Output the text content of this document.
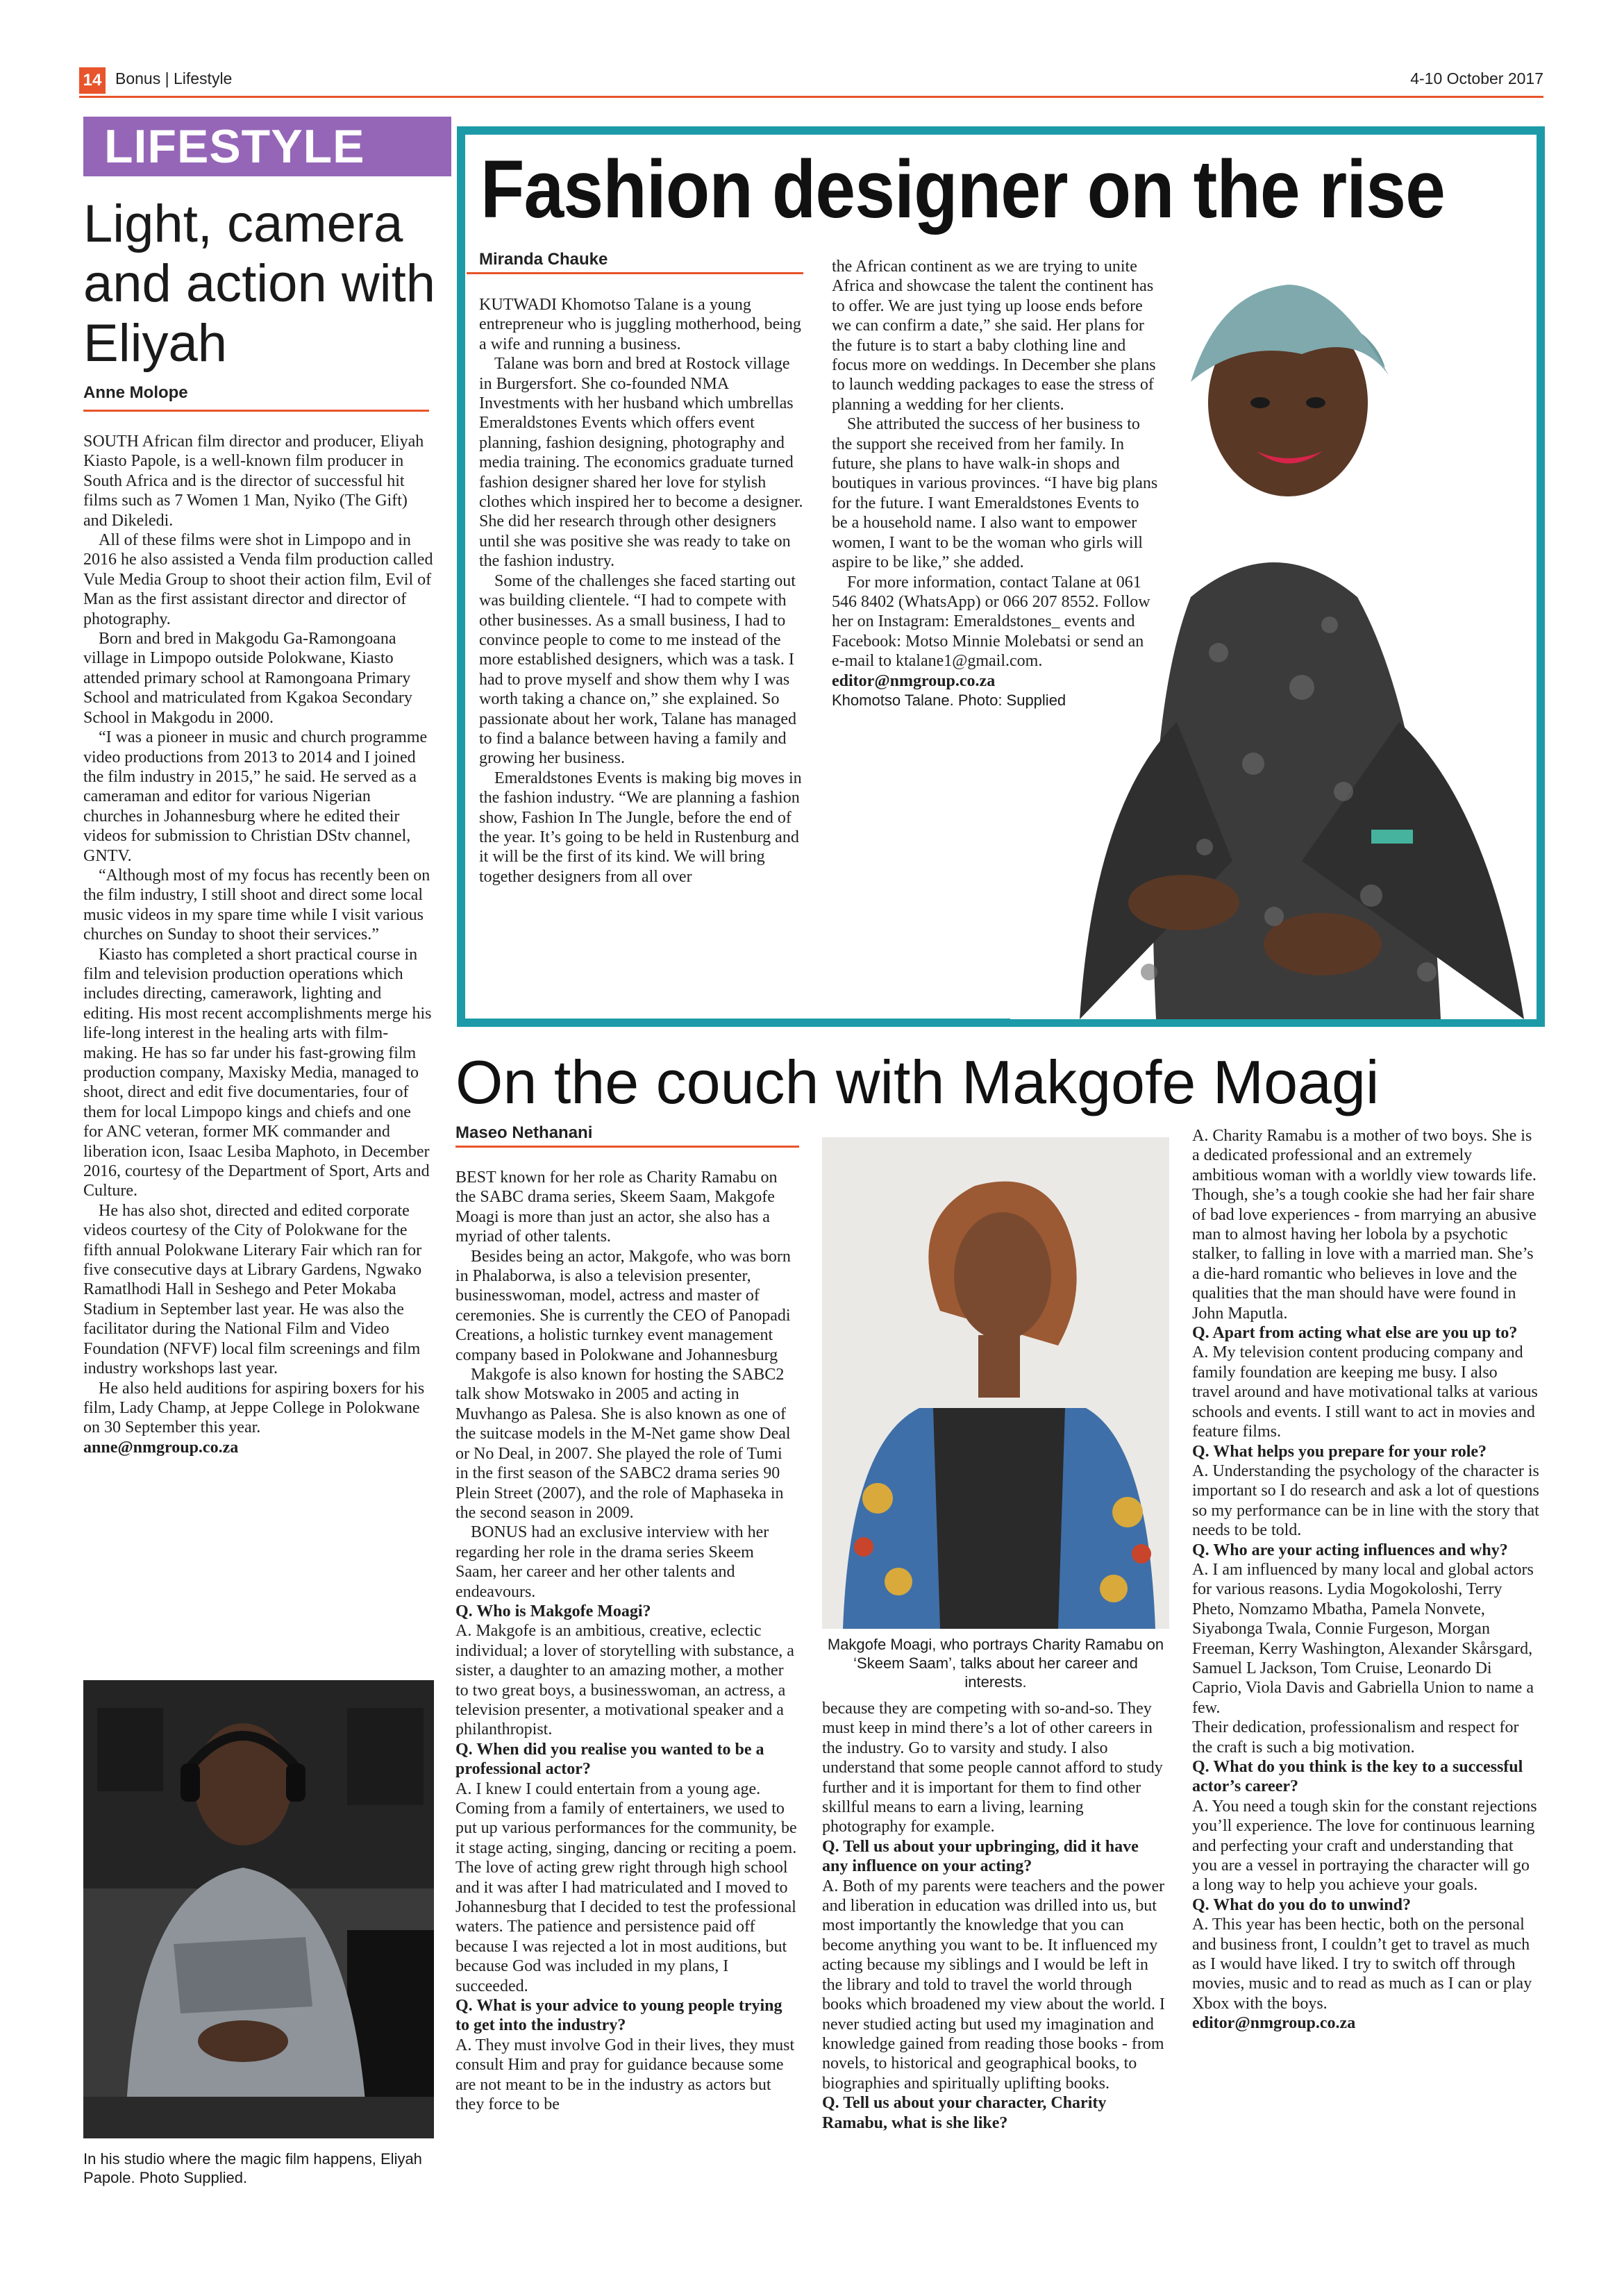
14 Bonus | Lifestyle	4-10 October 2017
LIFESTYLE
Light, camera and action with Eliyah
Anne Molope

SOUTH African film director and producer, Eliyah Kiasto Papole, is a well-known film producer in South Africa and is the director of successful hit films such as 7 Women 1 Man, Nyiko (The Gift) and Dikeledi.

All of these films were shot in Limpopo and in 2016 he also assisted a Venda film production called Vule Media Group to shoot their action film, Evil of Man as the first assistant director and director of photography.

Born and bred in Makgodu Ga-Ramongoana village in Limpopo outside Polokwane, Kiasto attended primary school at Ramongoana Primary School and matriculated from Kgakoa Secondary School in Makgodu in 2000.

“I was a pioneer in music and church programme video productions from 2013 to 2014 and I joined the film industry in 2015,” he said. He served as a cameraman and editor for various Nigerian churches in Johannesburg where he edited their videos for submission to Christian DStv channel, GNTV.

“Although most of my focus has recently been on the film industry, I still shoot and direct some local music videos in my spare time while I visit various churches on Sunday to shoot their services.”

Kiasto has completed a short practical course in film and television production operations which includes directing, camerawork, lighting and editing. His most recent accomplishments merge his life-long interest in the healing arts with film-making. He has so far under his fast-growing film production company, Maxisky Media, managed to shoot, direct and edit five documentaries, four of them for local Limpopo kings and chiefs and one for ANC veteran, former MK commander and liberation icon, Isaac Lesiba Maphoto, in December 2016, courtesy of the Department of Sport, Arts and Culture.

He has also shot, directed and edited corporate videos courtesy of the City of Polokwane for the fifth annual Polokwane Literary Fair which ran for five consecutive days at Library Gardens, Ngwako Ramatlhodi Hall in Seshego and Peter Mokaba Stadium in September last year. He was also the facilitator during the National Film and Video Foundation (NFVF) local film screenings and film industry workshops last year.

He also held auditions for aspiring boxers for his film, Lady Champ, at Jeppe College in Polokwane on 30 September this year.

anne@nmgroup.co.za

In his studio where the magic film happens, Eliyah Papole. Photo Supplied.
Fashion designer on the rise
Miranda Chauke

KUTWADI Khomotso Talane is a young entrepreneur who is juggling motherhood, being a wife and running a business.

Talane was born and bred at Rostock village in Burgersfort. She co-founded NMA Investments with her husband which umbrellas Emeraldstones Events which offers event planning, fashion designing, photography and media training. The economics graduate turned fashion designer shared her love for stylish clothes which inspired her to become a designer. She did her research through other designers until she was positive she was ready to take on the fashion industry.

Some of the challenges she faced starting out was building clientele. “I had to compete with other businesses. As a small business, I had to convince people to come to me instead of the more established designers, which was a task. I had to prove myself and show them why I was worth taking a chance on,” she explained. So passionate about her work, Talane has managed to find a balance between having a family and growing her business.

Emeraldstones Events is making big moves in the fashion industry. “We are planning a fashion show, Fashion In The Jungle, before the end of the year. It’s going to be held in Rustenburg and it will be the first of its kind. We will bring together designers from all over

the African continent as we are trying to unite Africa and showcase the talent the continent has to offer. We are just tying up loose ends before we can confirm a date,” she said. Her plans for the future is to start a baby clothing line and focus more on weddings. In December she plans to launch wedding packages to ease the stress of planning a wedding for her clients.

She attributed the success of her business to the support she received from her family. In future, she plans to have walk-in shops and boutiques in various provinces. “I have big plans for the future. I want Emeraldstones Events to be a household name. I also want to empower women, I want to be the woman who girls will aspire to be like,” she added.

For more information, contact Talane at 061 546 8402 (WhatsApp) or 066 207 8552. Follow her on Instagram: Emeraldstones_ events and Facebook: Motso Minnie Molebatsi or send an e-mail to ktalane1@gmail.com.

editor@nmgroup.co.za

Khomotso Talane. Photo: Supplied

On the couch with Makgofe Moagi
Maseo Nethanani

BEST known for her role as Charity Ramabu on the SABC drama series, Skeem Saam, Makgofe Moagi is more than just an actor, she also has a myriad of other talents.

Besides being an actor, Makgofe, who was born in Phalaborwa, is also a television presenter, businesswoman, model, actress and master of ceremonies. She is currently the CEO of Panopadi Creations, a holistic turnkey event management company based in Polokwane and Johannesburg

Makgofe is also known for hosting the SABC2 talk show Motswako in 2005 and acting in Muvhango as Palesa. She is also known as one of the suitcase models in the M-Net game show Deal or No Deal, in 2007. She played the role of Tumi in the first season of the SABC2 drama series 90 Plein Street (2007), and the role of Maphaseka in the second season in 2009.

BONUS had an exclusive interview with her regarding her role in the drama series Skeem Saam, her career and her other talents and endeavours.

Q. Who is Makgofe Moagi?

A. Makgofe is an ambitious, creative, eclectic individual; a lover of storytelling with substance, a sister, a daughter to an amazing mother, a mother to two great boys, a businesswoman, an actress, a television presenter, a motivational speaker and a philanthropist.

Q. When did you realise you wanted to be a professional actor?

A. I knew I could entertain from a young age. Coming from a family of entertainers, we used to put up various performances for the community, be it stage acting, singing, dancing or reciting a poem. The love of acting grew right through high school and it was after I had matriculated and I moved to Johannesburg that I decided to test the professional waters. The patience and persistence paid off because I was rejected a lot in most auditions, but because God was included in my plans, I succeeded.

Q. What is your advice to young people trying to get into the industry?

A. They must involve God in their lives, they must consult Him and pray for guidance because some are not meant to be in the industry as actors but they force to be

Makgofe Moagi, who portrays Charity Ramabu on ‘Skeem Saam’, talks about her career and interests.

because they are competing with so-and-so. They must keep in mind there’s a lot of other careers in the industry. Go to varsity and study. I also understand that some people cannot afford to study further and it is important for them to find other skillful means to earn a living, learning photography for example.

Q. Tell us about your upbringing, did it have any influence on your acting?

A. Both of my parents were teachers and the power and liberation in education was drilled into us, but most importantly the knowledge that you can become anything you want to be. It influenced my acting because my siblings and I would be left in the library and told to travel the world through books which broadened my view about the world. I never studied acting but used my imagination and knowledge gained from reading those books - from novels, to historical and geographical books, to biographies and spiritually uplifting books.

Q. Tell us about your character, Charity Ramabu, what is she like?

A. Charity Ramabu is a mother of two boys. She is a dedicated professional and an extremely ambitious woman with a worldly view towards life. Though, she’s a tough cookie she had her fair share of bad love experiences - from marrying an abusive man to almost having her lobola by a psychotic stalker, to falling in love with a married man. She’s a die-hard romantic who believes in love and the qualities that the man should have were found in John Maputla.

Q. Apart from acting what else are you up to?

A. My television content producing company and family foundation are keeping me busy. I also travel around and have motivational talks at various schools and events. I still want to act in movies and feature films.

Q. What helps you prepare for your role?

A. Understanding the psychology of the character is important so I do research and ask a lot of questions so my performance can be in line with the story that needs to be told.

Q. Who are your acting influences and why?

A. I am influenced by many local and global actors for various reasons. Lydia Mogokoloshi, Terry Pheto, Nomzamo Mbatha, Pamela Nonvete, Siyabonga Twala, Connie Furgeson, Morgan Freeman, Kerry Washington, Alexander Skårsgard, Samuel L Jackson, Tom Cruise, Leonardo Di Caprio, Viola Davis and Gabriella Union to name a few.

Their dedication, professionalism and respect for the craft is such a big motivation.

Q. What do you think is the key to a successful actor’s career?

A. You need a tough skin for the constant rejections you’ll experience. The love for continuous learning and perfecting your craft and understanding that you are a vessel in portraying the character will go a long way to help you achieve your goals.

Q. What do you do to unwind?

A. This year has been hectic, both on the personal and business front, I couldn’t get to travel as much as I would have liked. I try to switch off through movies, music and to read as much as I can or play Xbox with the boys.

editor@nmgroup.co.za
